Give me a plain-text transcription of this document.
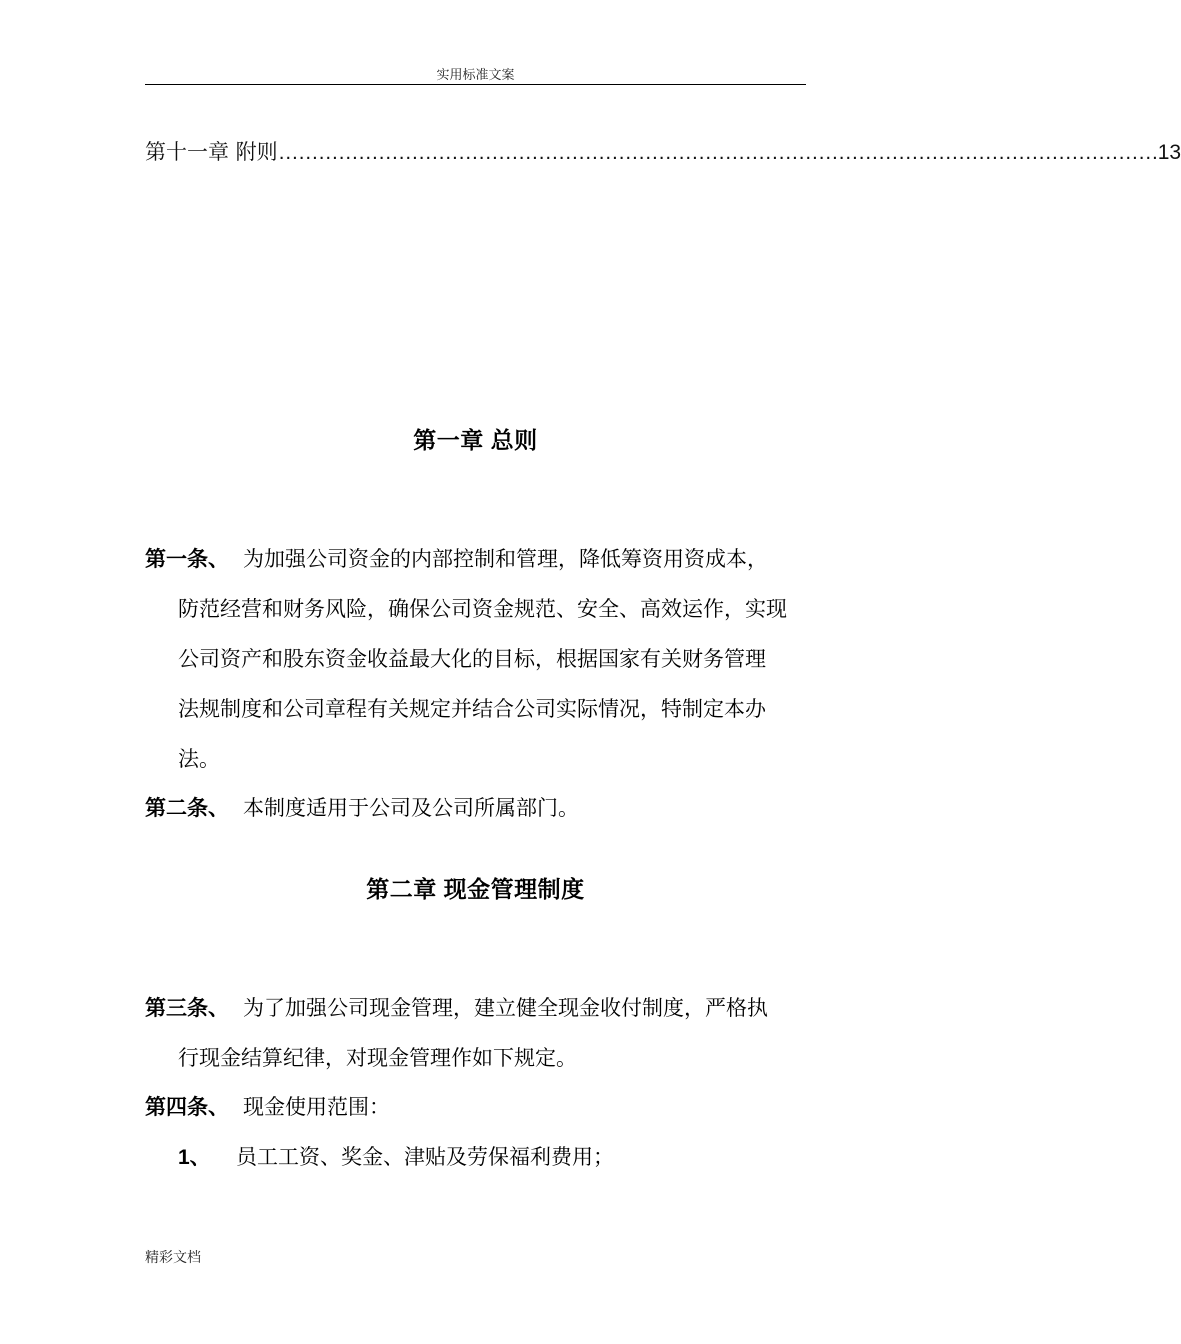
实用标准文案
第十一章 附则 …………………………………………………………………………………………………………………… 13
第一章 总则
第一条、 为加强公司资金的内部控制和管理，降低筹资用资成本，
防范经营和财务风险，确保公司资金规范、安全、高效运作，实现
公司资产和股东资金收益最大化的目标，根据国家有关财务管理
法规制度和公司章程有关规定并结合公司实际情况，特制定本办
法。
第二条、 本制度适用于公司及公司所属部门。
第二章 现金管理制度
第三条、 为了加强公司现金管理，建立健全现金收付制度，严格执
行现金结算纪律，对现金管理作如下规定。
第四条、 现金使用范围：
1、 员工工资、奖金、津贴及劳保福利费用；
精彩文档
